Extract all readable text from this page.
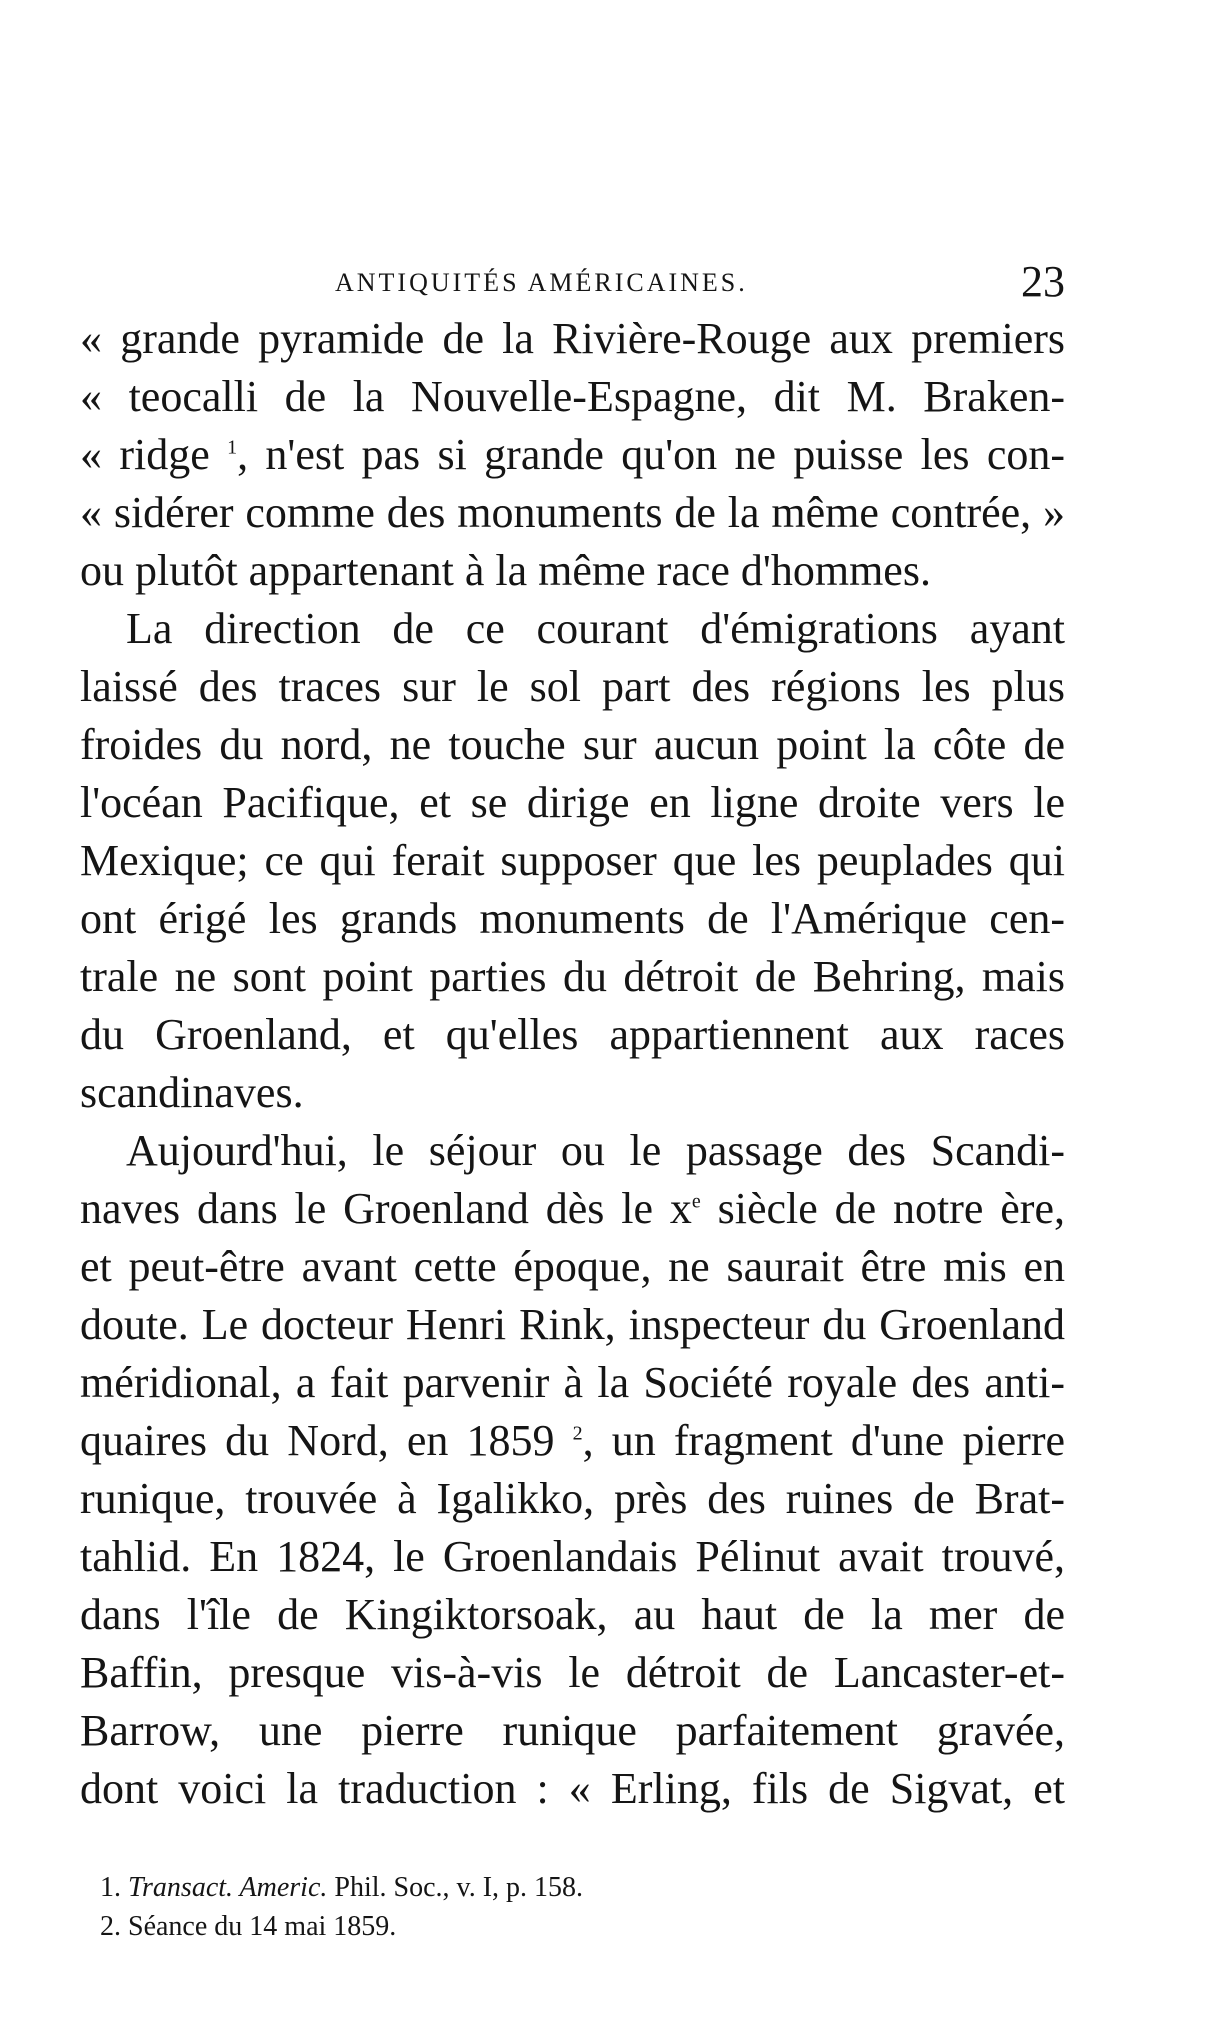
ANTIQUITÉS AMÉRICAINES.	23
« grande pyramide de la Rivière-Rouge aux premiers
« teocalli de la Nouvelle-Espagne, dit M. Braken-
« ridge $^1$, n'est pas si grande qu'on ne puisse les con-
« sidérer comme des monuments de la même contrée, »
ou plutôt appartenant à la même race d'hommes.
La direction de ce courant d'émigrations ayant
laissé des traces sur le sol part des régions les plus
froides du nord, ne touche sur aucun point la côte de
l'océan Pacifique, et se dirige en ligne droite vers le
Mexique; ce qui ferait supposer que les peuplades qui
ont érigé les grands monuments de l'Amérique cen-
trale ne sont point parties du détroit de Behring, mais
du Groenland, et qu'elles appartiennent aux races
scandinaves.
Aujourd'hui, le séjour ou le passage des Scandi-
naves dans le Groenland dès le $x^e$ siècle de notre ère,
et peut-être avant cette époque, ne saurait être mis en
doute. Le docteur Henri Rink, inspecteur du Groenland
méridional, a fait parvenir à la Société royale des anti-
quaires du Nord, en 1859 $^2$, un fragment d'une pierre
runique, trouvée à Igalikko, près des ruines de Brat-
tahlid. En 1824, le Groenlandais Pélinut avait trouvé,
dans l'île de Kingiktorsoak, au haut de la mer de
Baffin, presque vis-à-vis le détroit de Lancaster-et-
Barrow, une pierre runique parfaitement gravée,
dont voici la traduction : « Erling, fils de Sigvat, et
1. Transact. Americ. Phil. Soc., v. I, p. 158.
2. Séance du 14 mai 1859.
